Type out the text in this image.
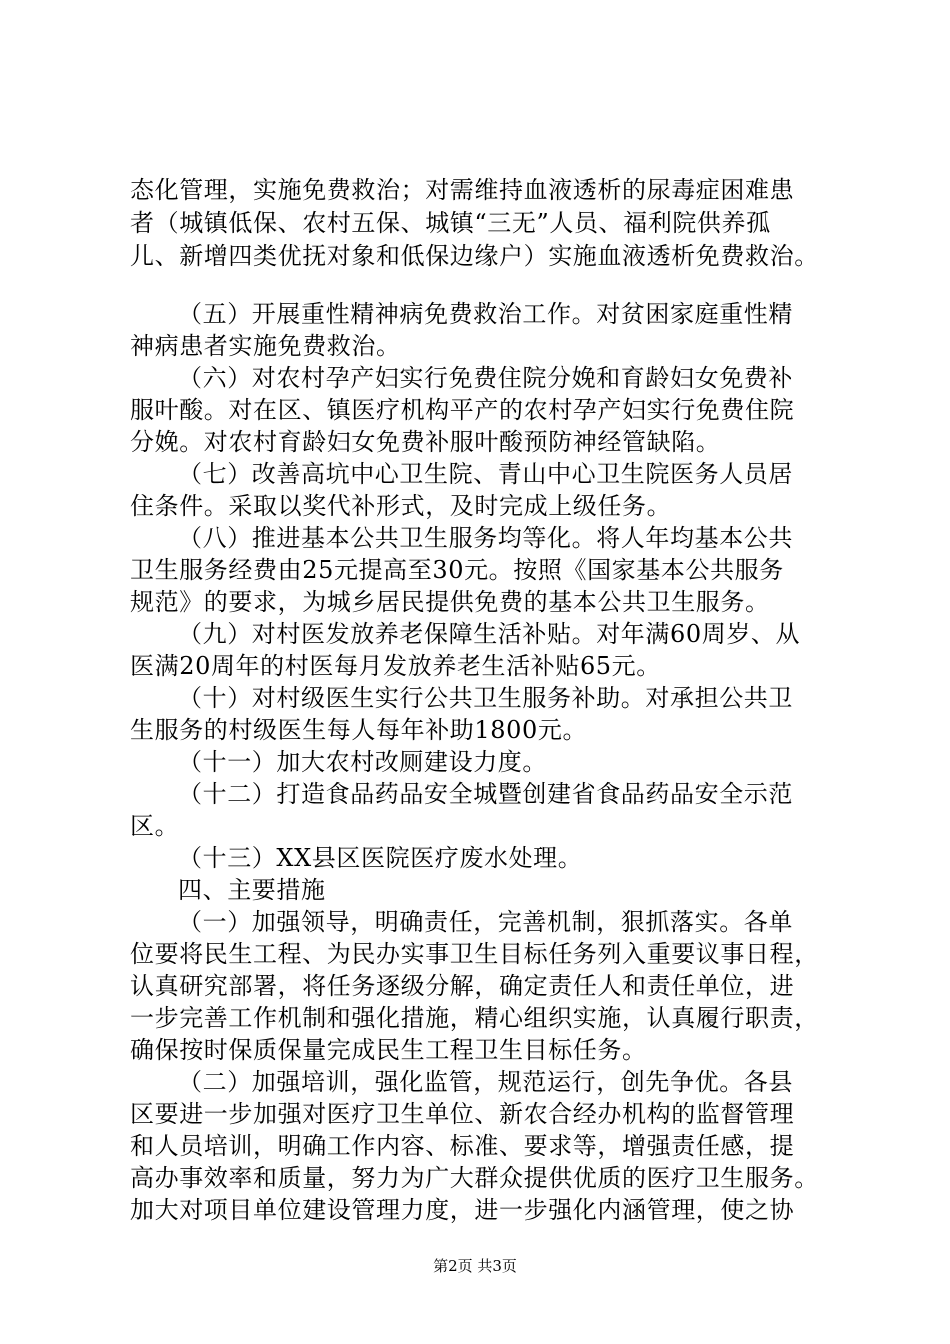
态化管理，实施免费救治；对需维持血液透析的尿毒症困难患
者（城镇低保、农村五保、城镇“三无”人员、福利院供养孤
儿、新增四类优抚对象和低保边缘户）实施血液透析免费救治。
（五）开展重性精神病免费救治工作。对贫困家庭重性精
神病患者实施免费救治。
（六）对农村孕产妇实行免费住院分娩和育龄妇女免费补
服叶酸。对在区、镇医疗机构平产的农村孕产妇实行免费住院
分娩。对农村育龄妇女免费补服叶酸预防神经管缺陷。
（七）改善高坑中心卫生院、青山中心卫生院医务人员居
住条件。采取以奖代补形式，及时完成上级任务。
（八）推进基本公共卫生服务均等化。将人年均基本公共
卫生服务经费由25元提高至30元。按照《国家基本公共服务
规范》的要求，为城乡居民提供免费的基本公共卫生服务。
（九）对村医发放养老保障生活补贴。对年满60周岁、从
医满20周年的村医每月发放养老生活补贴65元。
（十）对村级医生实行公共卫生服务补助。对承担公共卫
生服务的村级医生每人每年补助1800元。
（十一）加大农村改厕建设力度。
（十二）打造食品药品安全城暨创建省食品药品安全示范
区。
（十三）XX县区医院医疗废水处理。
四、主要措施
（一）加强领导，明确责任，完善机制，狠抓落实。各单
位要将民生工程、为民办实事卫生目标任务列入重要议事日程，
认真研究部署，将任务逐级分解，确定责任人和责任单位，进
一步完善工作机制和强化措施，精心组织实施，认真履行职责，
确保按时保质保量完成民生工程卫生目标任务。
（二）加强培训，强化监管，规范运行，创先争优。各县
区要进一步加强对医疗卫生单位、新农合经办机构的监督管理
和人员培训，明确工作内容、标准、要求等，增强责任感，提
高办事效率和质量，努力为广大群众提供优质的医疗卫生服务。
加大对项目单位建设管理力度，进一步强化内涵管理，使之协
第2页 共3页
